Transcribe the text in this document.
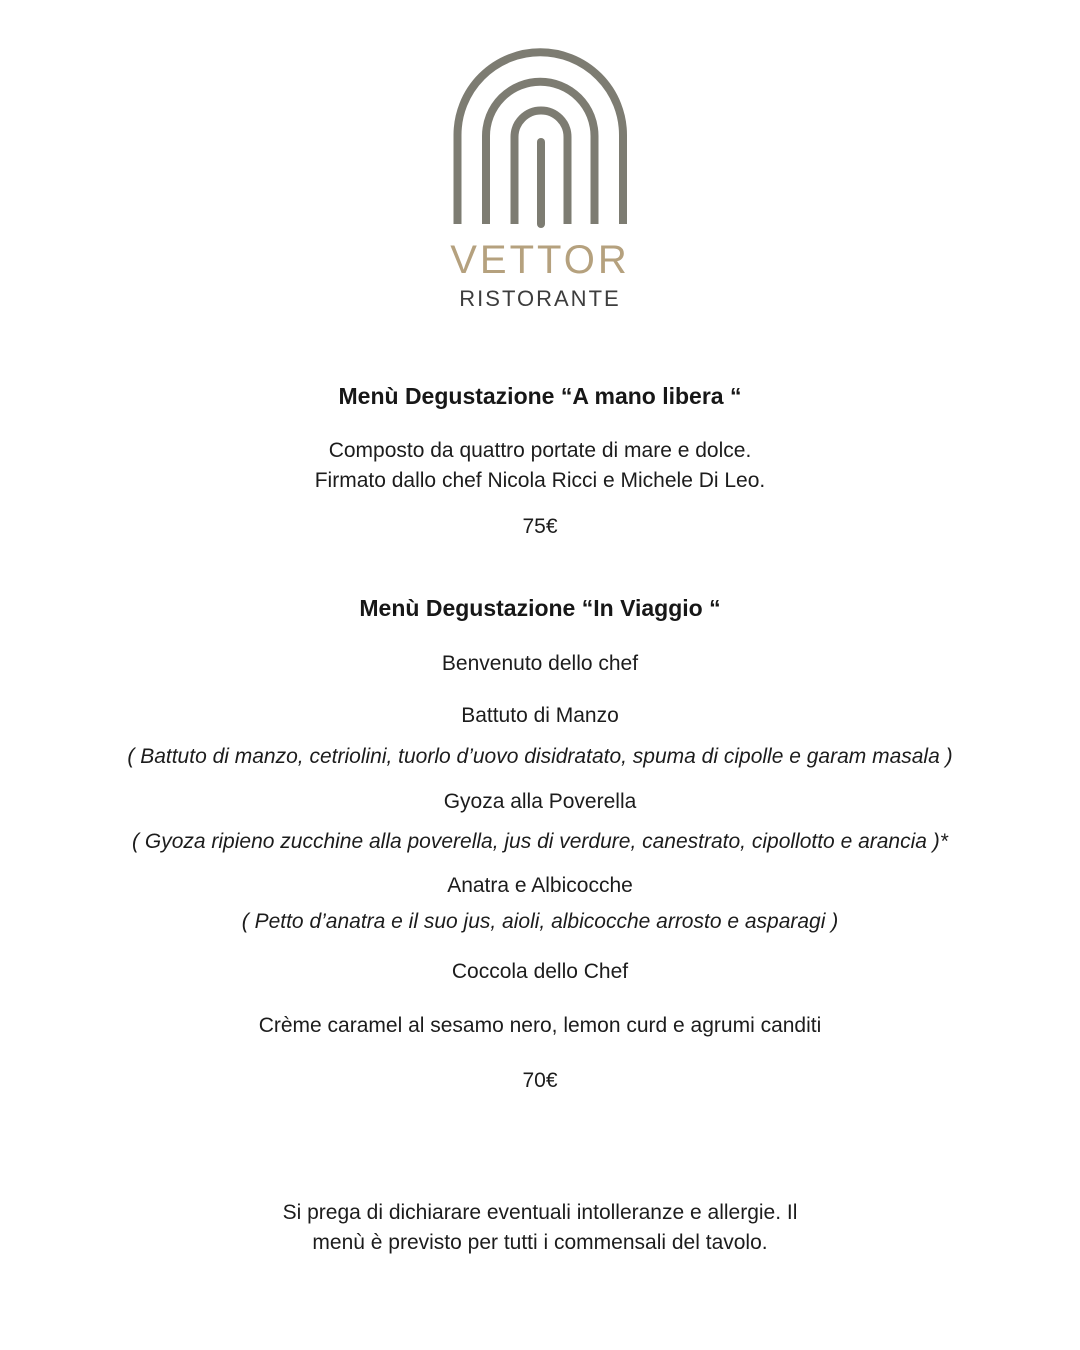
VETTOR
RISTORANTE
Menù Degustazione “A mano libera “

Composto da quattro portate di mare e dolce.

Firmato dallo chef Nicola Ricci e Michele Di Leo.

75€

Menù Degustazione “In Viaggio “

Benvenuto dello chef

Battuto di Manzo

( Battuto di manzo, cetriolini, tuorlo d’uovo disidratato, spuma di cipolle e garam masala )

Gyoza alla Poverella

( Gyoza ripieno zucchine alla poverella, jus di verdure, canestrato, cipollotto e arancia )*

Anatra e Albicocche

( Petto d’anatra e il suo jus, aioli, albicocche arrosto e asparagi )

Coccola dello Chef

Crème caramel al sesamo nero, lemon curd e agrumi canditi

70€

Si prega di dichiarare eventuali intolleranze e allergie. Il
menù è previsto per tutti i commensali del tavolo.
